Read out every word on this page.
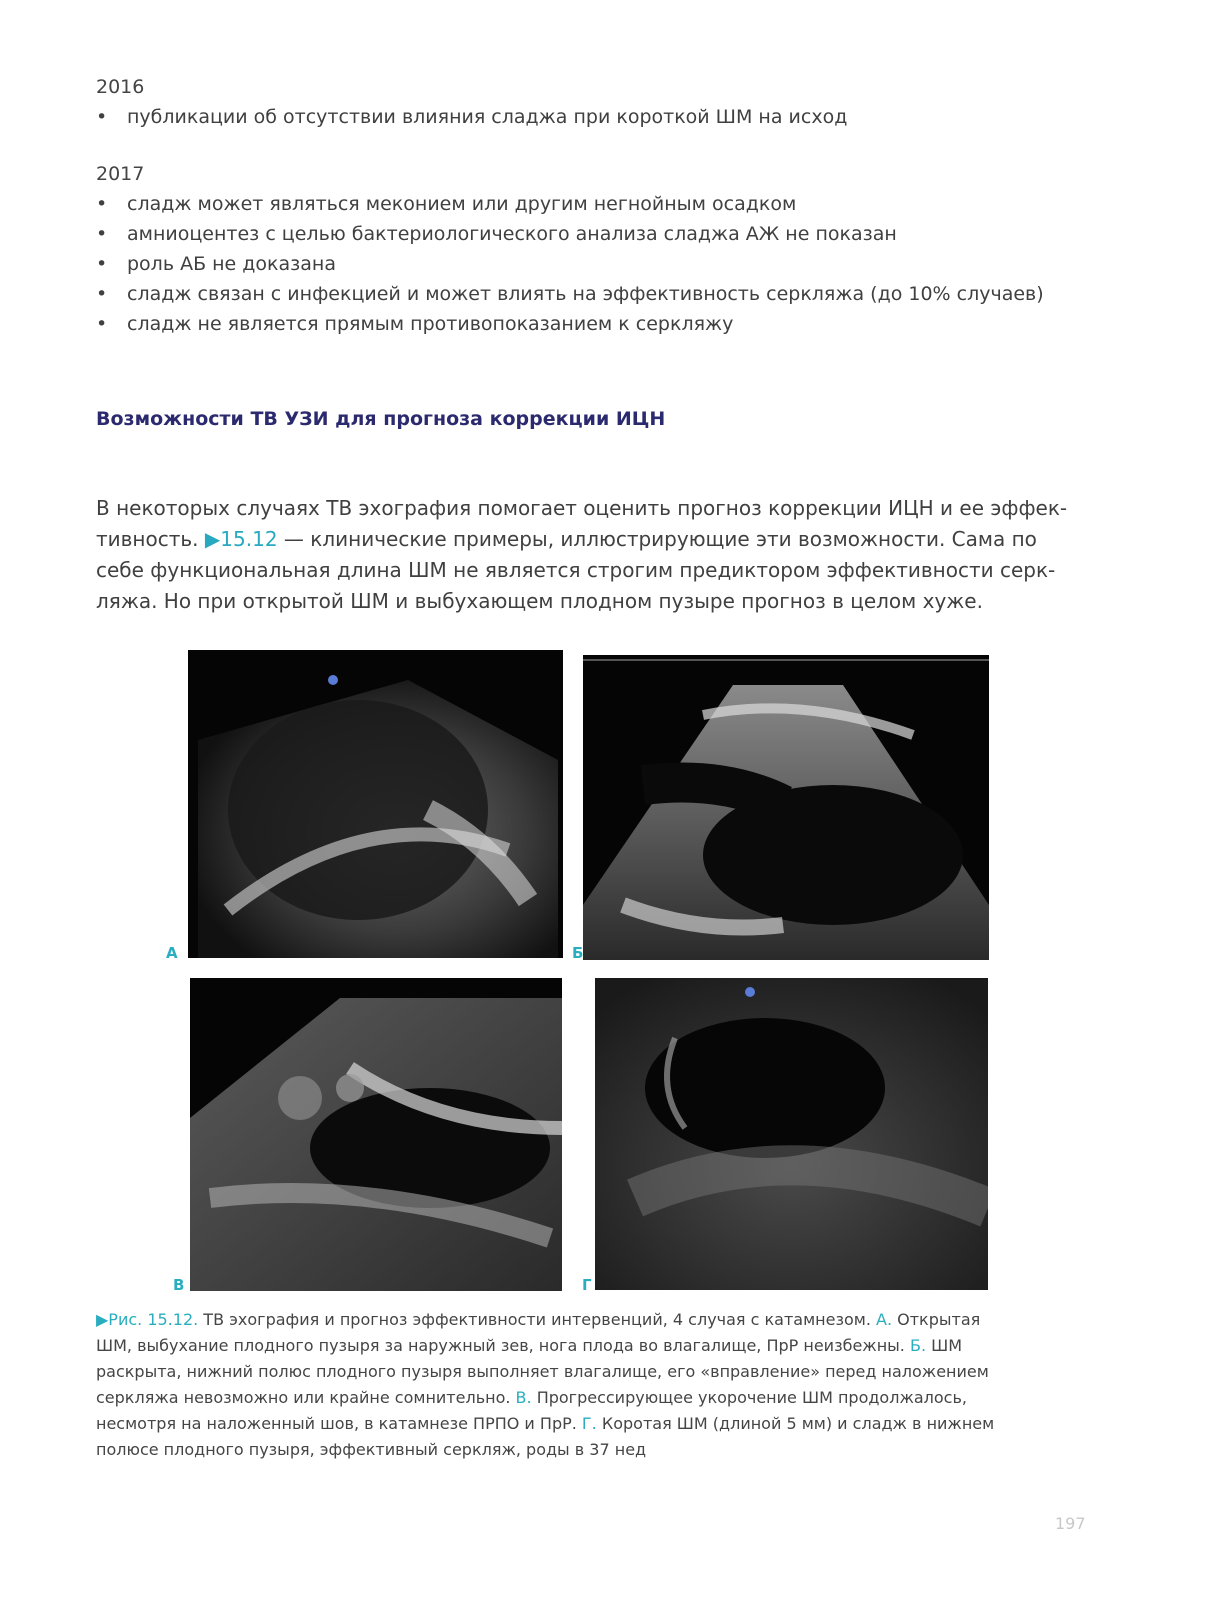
2016
• публикации об отсутствии влияния сладжа при короткой ШМ на исход
2017
• сладж может являться меконием или другим негнойным осадком
• амниоцентез с целью бактериологического анализа сладжа АЖ не показан
• роль АБ не доказана
• сладж связан с инфекцией и может влиять на эффективность серкляжа (до 10% случаев)
• сладж не является прямым противопоказанием к серкляжу
Возможности ТВ УЗИ для прогноза коррекции ИЦН

В некоторых случаях ТВ эхография помогает оценить прогноз коррекции ИЦН и ее эффек-
тивность. ▶15.12 — клинические примеры, иллюстрирующие эти возможности. Сама по
себе функциональная длина ШМ не является строгим предиктором эффективности серк-
ляжа. Но при открытой ШМ и выбухающем плодном пузыре прогноз в целом хуже.

А	Б
В	Г

▶Рис. 15.12. ТВ эхография и прогноз эффективности интервенций, 4 случая с катамнезом. А. Открытая
ШМ, выбухание плодного пузыря за наружный зев, нога плода во влагалище, ПрР неизбежны. Б. ШМ
раскрыта, нижний полюс плодного пузыря выполняет влагалище, его «вправление» перед наложением
серкляжа невозможно или крайне сомнительно. В. Прогрессирующее укорочение ШМ продолжалось,
несмотря на наложенный шов, в катамнезе ПРПО и ПрР. Г. Коротая ШМ (длиной 5 мм) и сладж в нижнем
полюсе плодного пузыря, эффективный серкляж, роды в 37 нед

197
